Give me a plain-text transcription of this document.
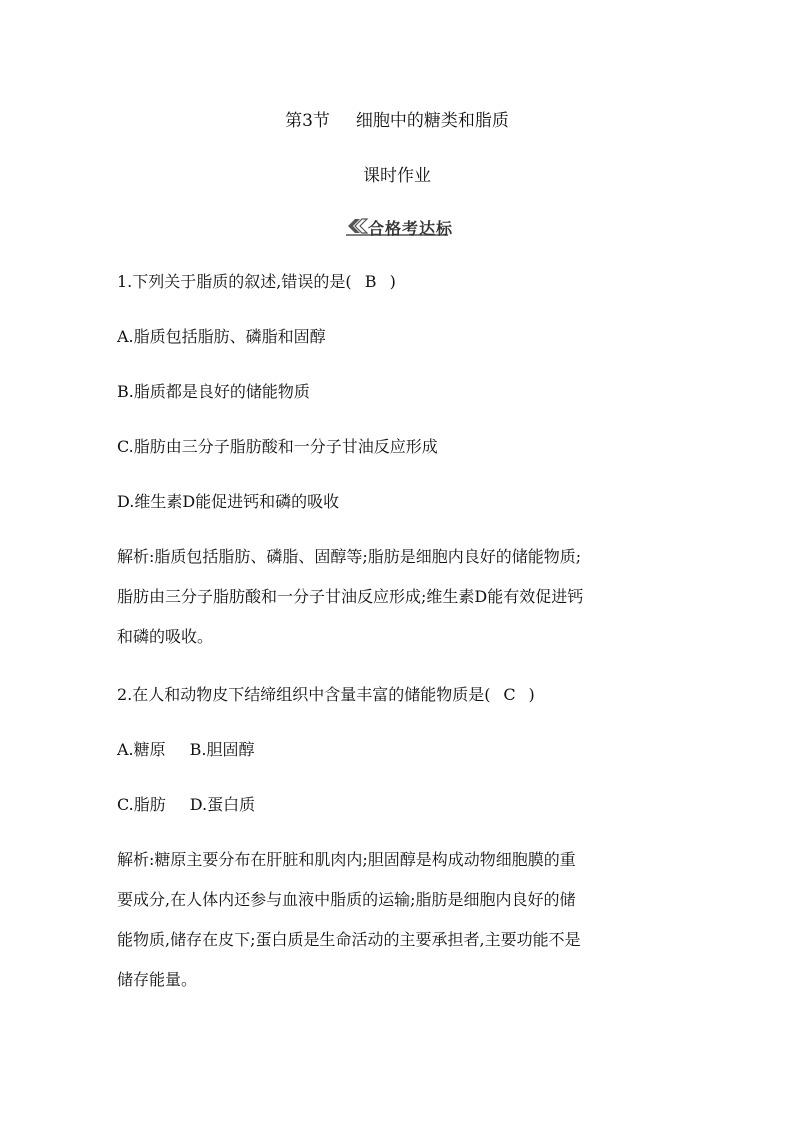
第3节 细胞中的糖类和脂质
课时作业
合格考达标
1.下列关于脂质的叙述,错误的是( B )
A.脂质包括脂肪、磷脂和固醇
B.脂质都是良好的储能物质
C.脂肪由三分子脂肪酸和一分子甘油反应形成
D.维生素D能促进钙和磷的吸收
解析:脂质包括脂肪、磷脂、固醇等;脂肪是细胞内良好的储能物质;
脂肪由三分子脂肪酸和一分子甘油反应形成;维生素D能有效促进钙
和磷的吸收。
2.在人和动物皮下结缔组织中含量丰富的储能物质是( C )
A.糖原 B.胆固醇
C.脂肪 D.蛋白质
解析:糖原主要分布在肝脏和肌肉内;胆固醇是构成动物细胞膜的重
要成分,在人体内还参与血液中脂质的运输;脂肪是细胞内良好的储
能物质,储存在皮下;蛋白质是生命活动的主要承担者,主要功能不是
储存能量。
